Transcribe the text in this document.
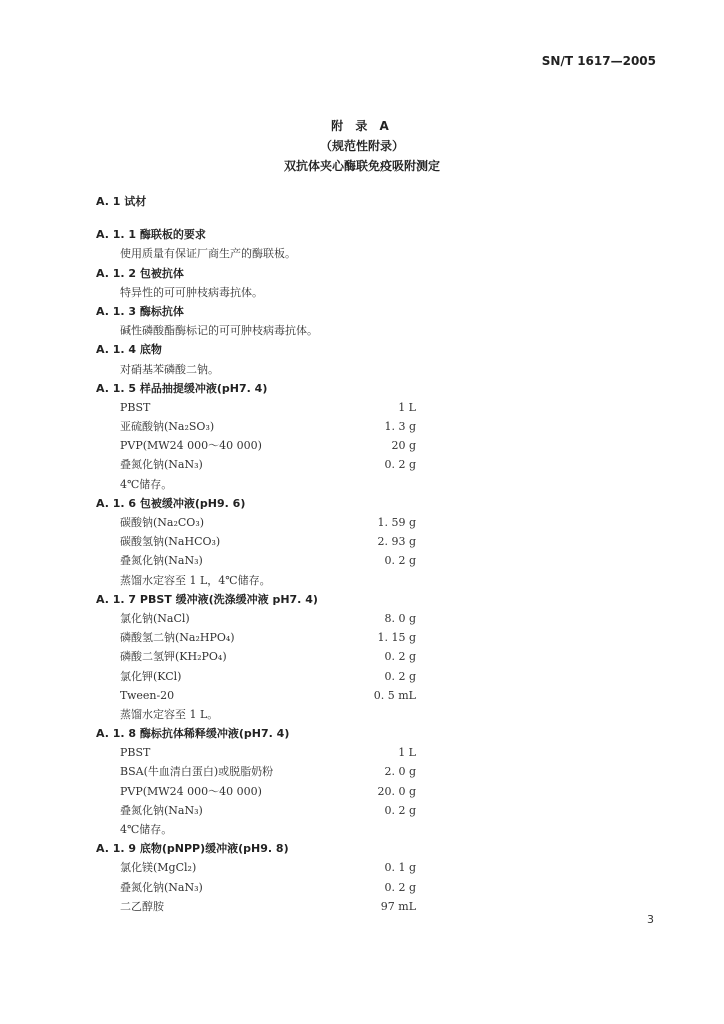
SN/T 1617—2005
附 录 A
（规范性附录）
双抗体夹心酶联免疫吸附测定
A. 1 试材
A. 1. 1 酶联板的要求
使用质量有保证厂商生产的酶联板。
A. 1. 2 包被抗体
特异性的可可肿枝病毒抗体。
A. 1. 3 酶标抗体
碱性磷酸酯酶标记的可可肿枝病毒抗体。
A. 1. 4 底物
对硝基苯磷酸二钠。
A. 1. 5 样品抽提缓冲液(pH7. 4)
PBST	1 L
亚硫酸钠(Na₂SO₃)	1. 3 g
PVP(MW24 000～40 000)	20 g
叠氮化钠(NaN₃)	0. 2 g
4℃储存。
A. 1. 6 包被缓冲液(pH9. 6)
碳酸钠(Na₂CO₃)	1. 59 g
碳酸氢钠(NaHCO₃)	2. 93 g
叠氮化钠(NaN₃)	0. 2 g
蒸馏水定容至 1 L，4℃储存。
A. 1. 7 PBST 缓冲液(洗涤缓冲液 pH7. 4)
氯化钠(NaCl)	8. 0 g
磷酸氢二钠(Na₂HPO₄)	1. 15 g
磷酸二氢钾(KH₂PO₄)	0. 2 g
氯化钾(KCl)	0. 2 g
Tween-20	0. 5 mL
蒸馏水定容至 1 L。
A. 1. 8 酶标抗体稀释缓冲液(pH7. 4)
PBST	1 L
BSA(牛血清白蛋白)或脱脂奶粉	2. 0 g
PVP(MW24 000～40 000)	20. 0 g
叠氮化钠(NaN₃)	0. 2 g
4℃储存。
A. 1. 9 底物(pNPP)缓冲液(pH9. 8)
氯化镁(MgCl₂)	0. 1 g
叠氮化钠(NaN₃)	0. 2 g
二乙醇胺	97 mL
3
